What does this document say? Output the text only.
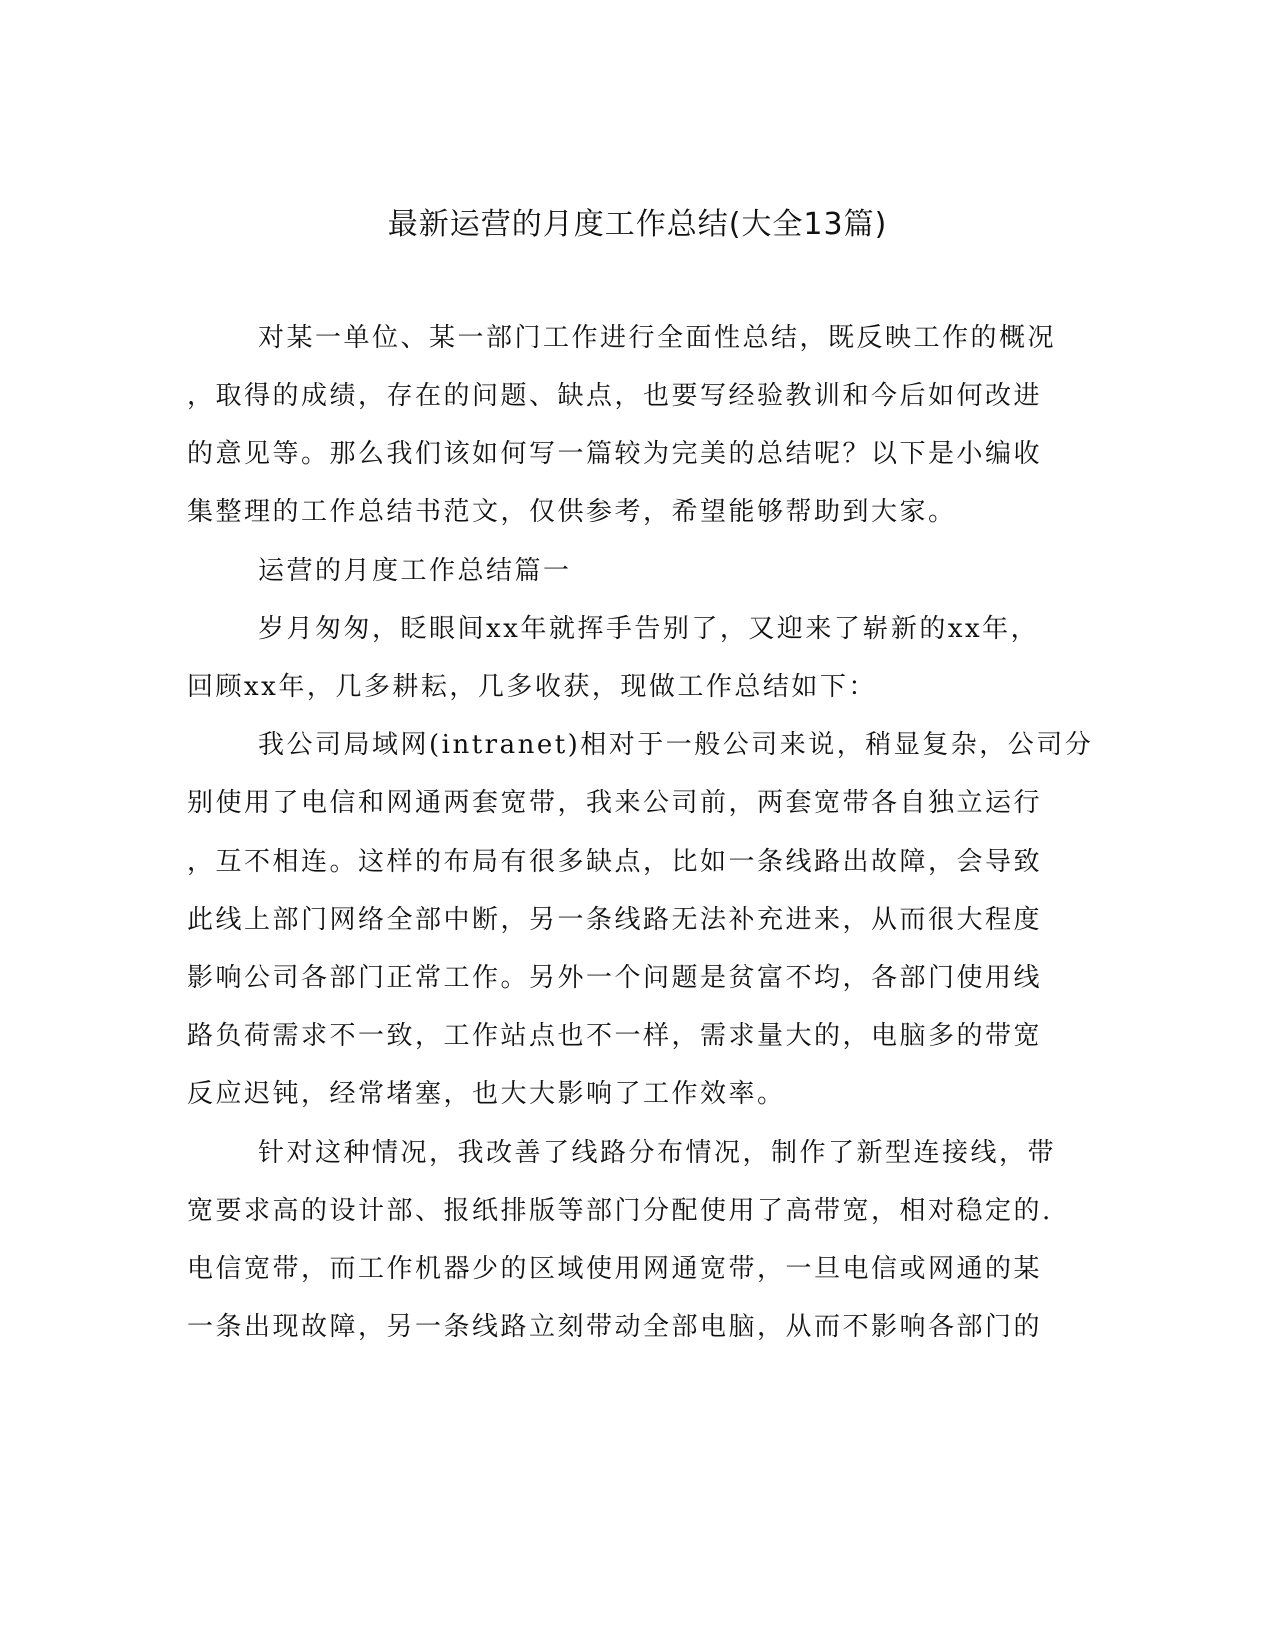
最新运营的月度工作总结(大全13篇)
对某一单位、某一部门工作进行全面性总结，既反映工作的概况
，取得的成绩，存在的问题、缺点，也要写经验教训和今后如何改进
的意见等。那么我们该如何写一篇较为完美的总结呢？以下是小编收
集整理的工作总结书范文，仅供参考，希望能够帮助到大家。
运营的月度工作总结篇一
岁月匆匆，眨眼间xx年就挥手告别了，又迎来了崭新的xx年，
回顾xx年，几多耕耘，几多收获，现做工作总结如下：
我公司局域网(intranet)相对于一般公司来说，稍显复杂，公司分
别使用了电信和网通两套宽带，我来公司前，两套宽带各自独立运行
，互不相连。这样的布局有很多缺点，比如一条线路出故障，会导致
此线上部门网络全部中断，另一条线路无法补充进来，从而很大程度
影响公司各部门正常工作。另外一个问题是贫富不均，各部门使用线
路负荷需求不一致，工作站点也不一样，需求量大的，电脑多的带宽
反应迟钝，经常堵塞，也大大影响了工作效率。
针对这种情况，我改善了线路分布情况，制作了新型连接线，带
宽要求高的设计部、报纸排版等部门分配使用了高带宽，相对稳定的.
电信宽带，而工作机器少的区域使用网通宽带，一旦电信或网通的某
一条出现故障，另一条线路立刻带动全部电脑，从而不影响各部门的
